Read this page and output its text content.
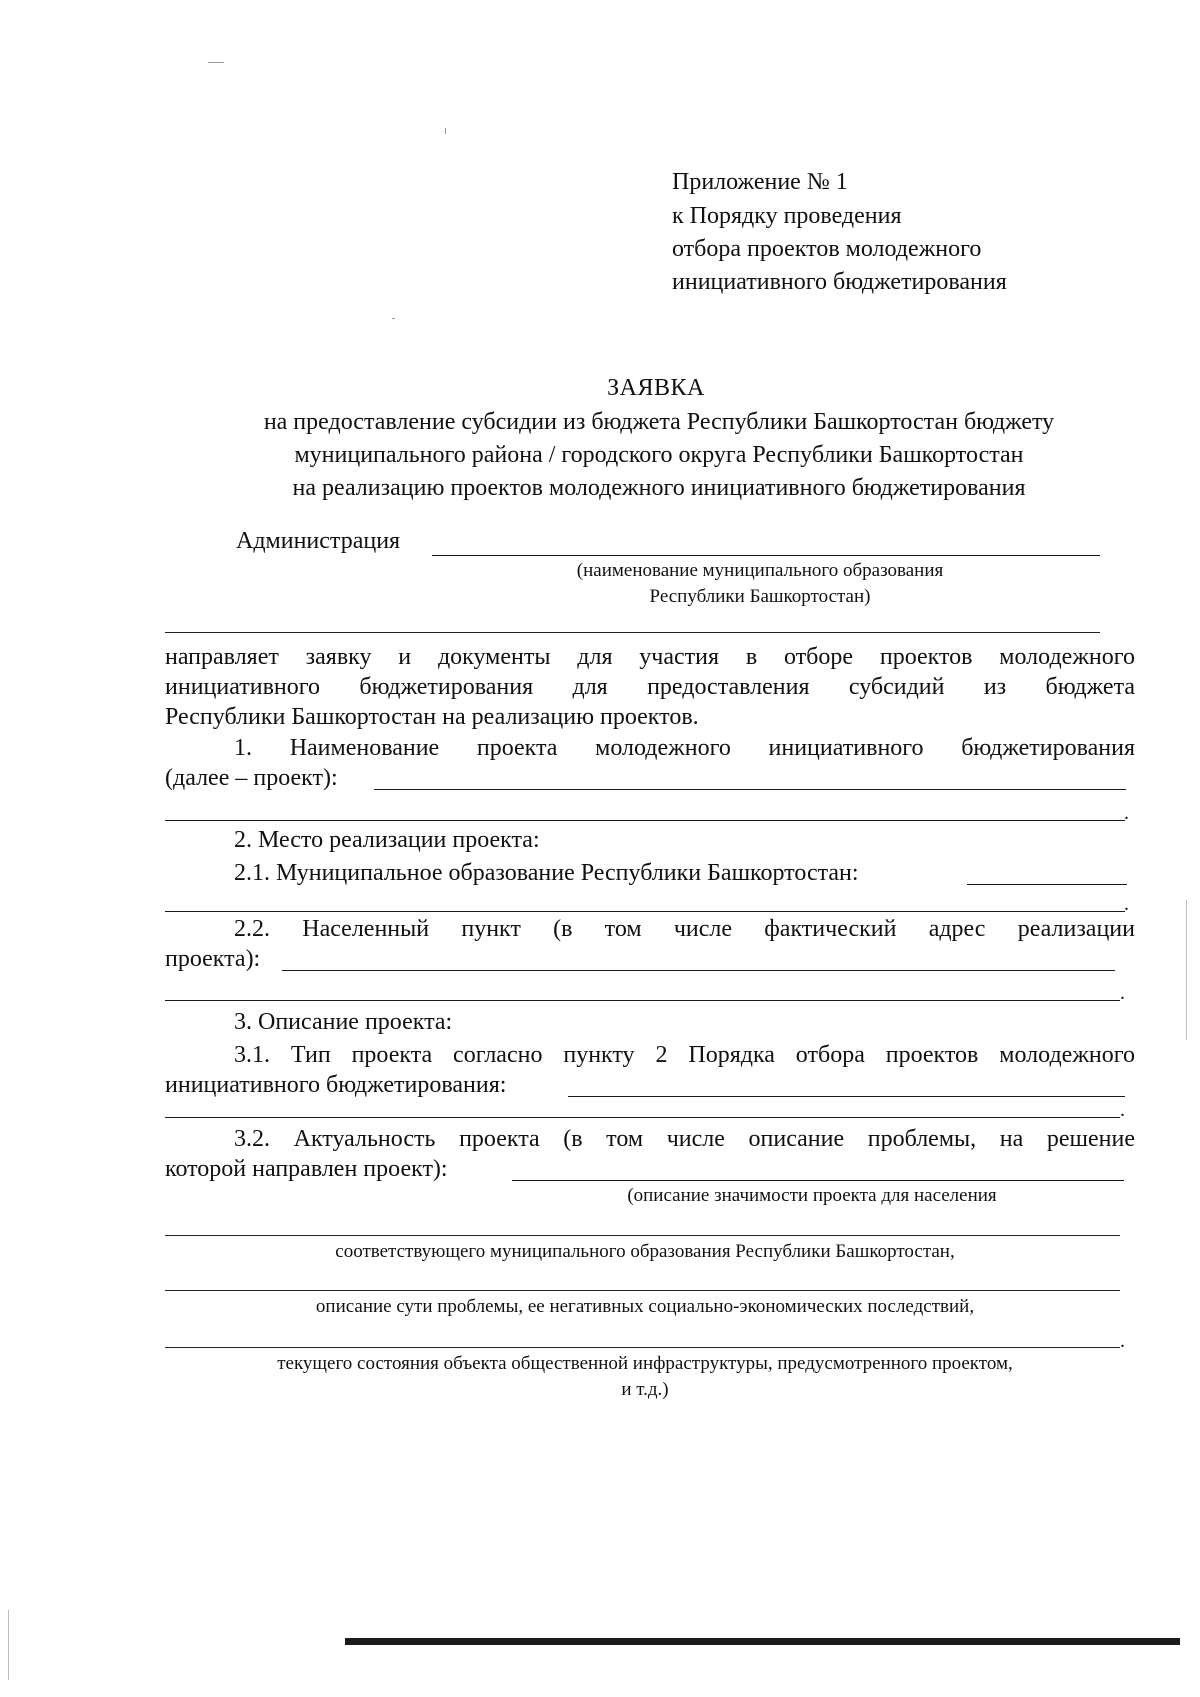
Приложение № 1
к Порядку проведения
отбора проектов молодежного
инициативного бюджетирования
ЗАЯВКА
на предоставление субсидии из бюджета Республики Башкортостан бюджету
муниципального района / городского округа Республики Башкортостан
на реализацию проектов молодежного инициативного бюджетирования
Администрация
(наименование муниципального образования
Республики Башкортостан)
направляет заявку и документы для участия в отборе проектов молодежного
инициативного бюджетирования для предоставления субсидий из бюджета
Республики Башкортостан на реализацию проектов.
1. Наименование проекта молодежного инициативного бюджетирования
(далее – проект):
.
2. Место реализации проекта:
2.1. Муниципальное образование Республики Башкортостан:
.
2.2. Населенный пункт (в том числе фактический адрес реализации
проекта):
.
3. Описание проекта:
3.1. Тип проекта согласно пункту 2 Порядка отбора проектов молодежного
инициативного бюджетирования:
.
3.2. Актуальность проекта (в том числе описание проблемы, на решение
которой направлен проект):
(описание значимости проекта для населения
соответствующего муниципального образования Республики Башкортостан,
описание сути проблемы, ее негативных социально-экономических последствий,
.
текущего состояния объекта общественной инфраструктуры, предусмотренного проектом,
и т.д.)
